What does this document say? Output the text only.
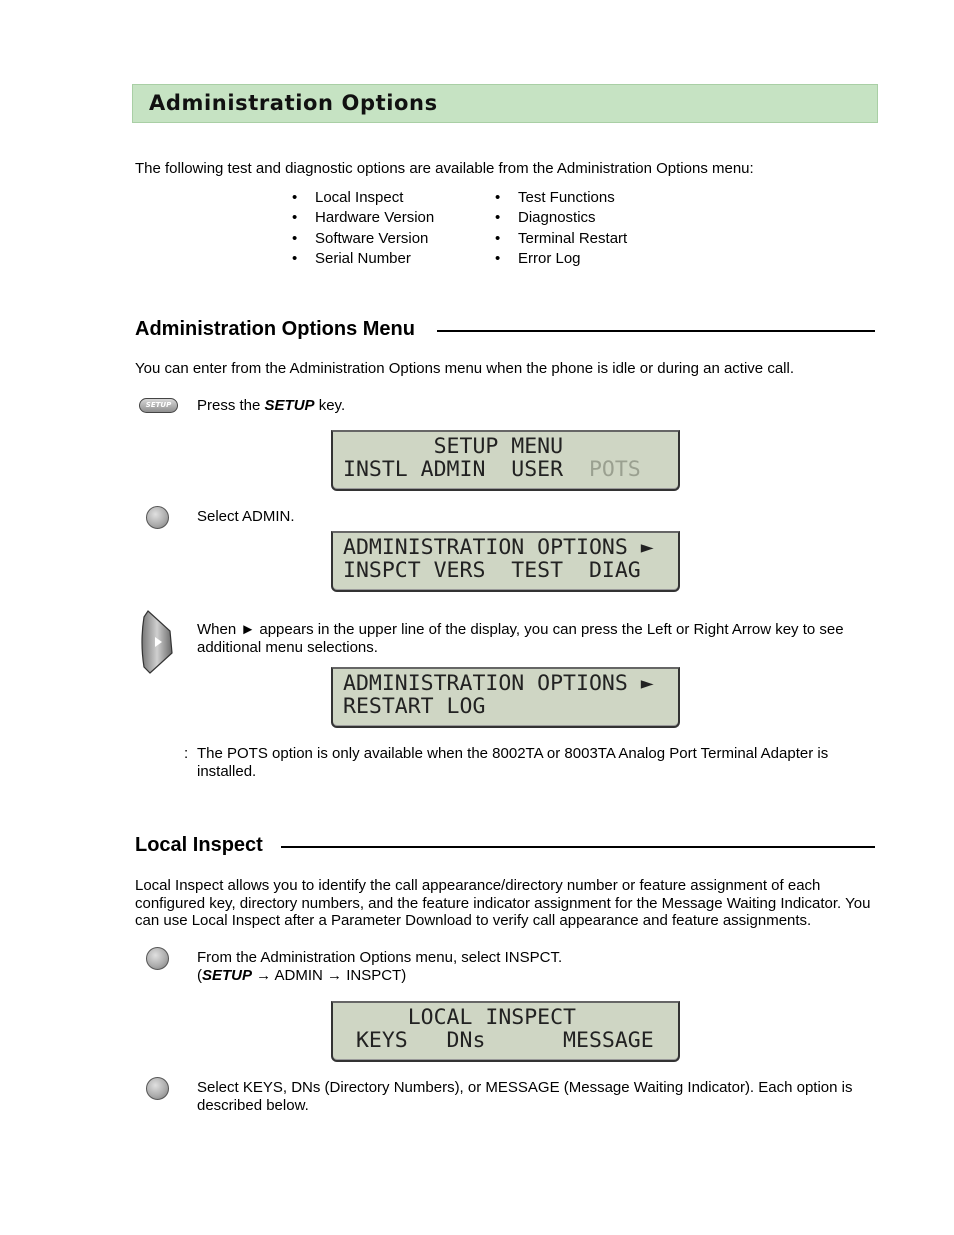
Administration Options
The following test and diagnostic options are available from the Administration Options menu:
• Local Inspect
• Hardware Version
• Software Version
• Serial Number
• Test Functions
• Diagnostics
• Terminal Restart
• Error Log
Administration Options Menu
You can enter from the Administration Options menu when the phone is idle or during an active call.
SETUP	Press the SETUP key.
SETUP MENU
INSTL ADMIN  USER  POTS
Select ADMIN.
ADMINISTRATION OPTIONS ►
INSPCT VERS  TEST  DIAG
When ► appears in the upper line of the display, you can press the Left or Right Arrow key to see additional menu selections.
ADMINISTRATION OPTIONS ►
RESTART LOG
: The POTS option is only available when the 8002TA or 8003TA Analog Port Terminal Adapter is installed.
Local Inspect
Local Inspect allows you to identify the call appearance/directory number or feature assignment of each configured key, directory numbers, and the feature indicator assignment for the Message Waiting Indicator. You can use Local Inspect after a Parameter Download to verify call appearance and feature assignments.
From the Administration Options menu, select INSPCT.
(SETUP → ADMIN → INSPCT)
LOCAL INSPECT
KEYS   DNs      MESSAGE
Select KEYS, DNs (Directory Numbers), or MESSAGE (Message Waiting Indicator). Each option is described below.
